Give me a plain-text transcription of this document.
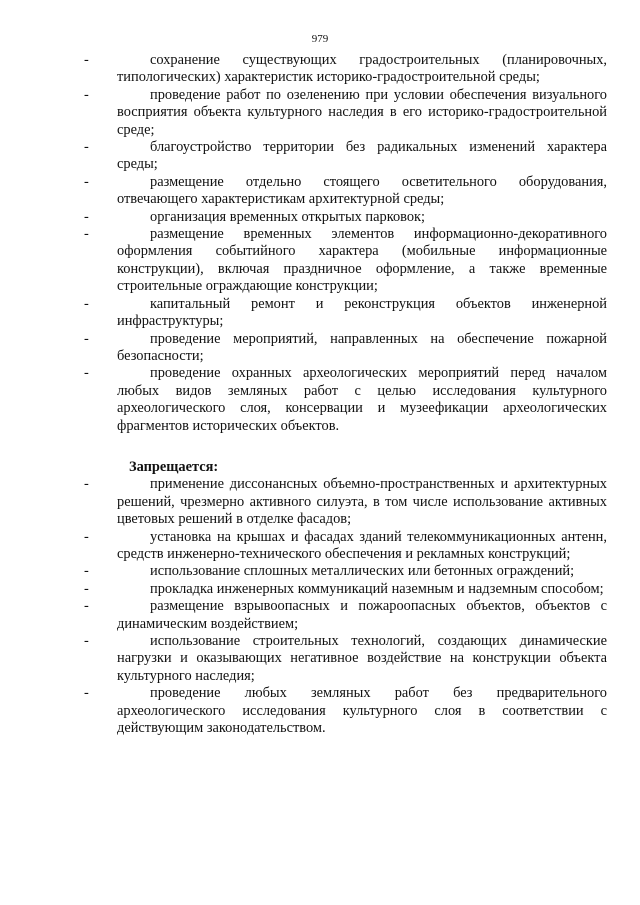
979

-	сохранение существующих градостроительных (планировочных, типологических) характеристик историко-градостроительной среды;

-	проведение работ по озеленению при условии обеспечения визуального восприятия объекта культурного наследия в его историко-градостроительной среде;

-	благоустройство территории без радикальных изменений характера среды;

-	размещение отдельно стоящего осветительного оборудования, отвечающего характеристикам архитектурной среды;

-	организация временных открытых парковок;

-	размещение временных элементов информационно-декоративного оформления событийного характера (мобильные информационные конструкции), включая праздничное оформление, а также временные строительные ограждающие конструкции;

-	капитальный ремонт и реконструкция объектов инженерной инфраструктуры;

-	проведение мероприятий, направленных на обеспечение пожарной безопасности;

-	проведение охранных археологических мероприятий перед началом любых видов земляных работ с целью исследования культурного археологического слоя, консервации и музеефикации археологических фрагментов исторических объектов.

Запрещается:

-	применение диссонансных объемно-пространственных и архитектурных решений, чрезмерно активного силуэта, в том числе использование активных цветовых решений в отделке фасадов;

-	установка на крышах и фасадах зданий телекоммуникационных антенн, средств инженерно-технического обеспечения и рекламных конструкций;

-	использование сплошных металлических или бетонных ограждений;

-	прокладка инженерных коммуникаций наземным и надземным способом;

-	размещение взрывоопасных и пожароопасных объектов, объектов с динамическим воздействием;

-	использование строительных технологий, создающих динамические нагрузки и оказывающих негативное воздействие на конструкции объекта культурного наследия;

-	проведение любых земляных работ без предварительного археологического исследования культурного слоя в соответствии с действующим законодательством.
